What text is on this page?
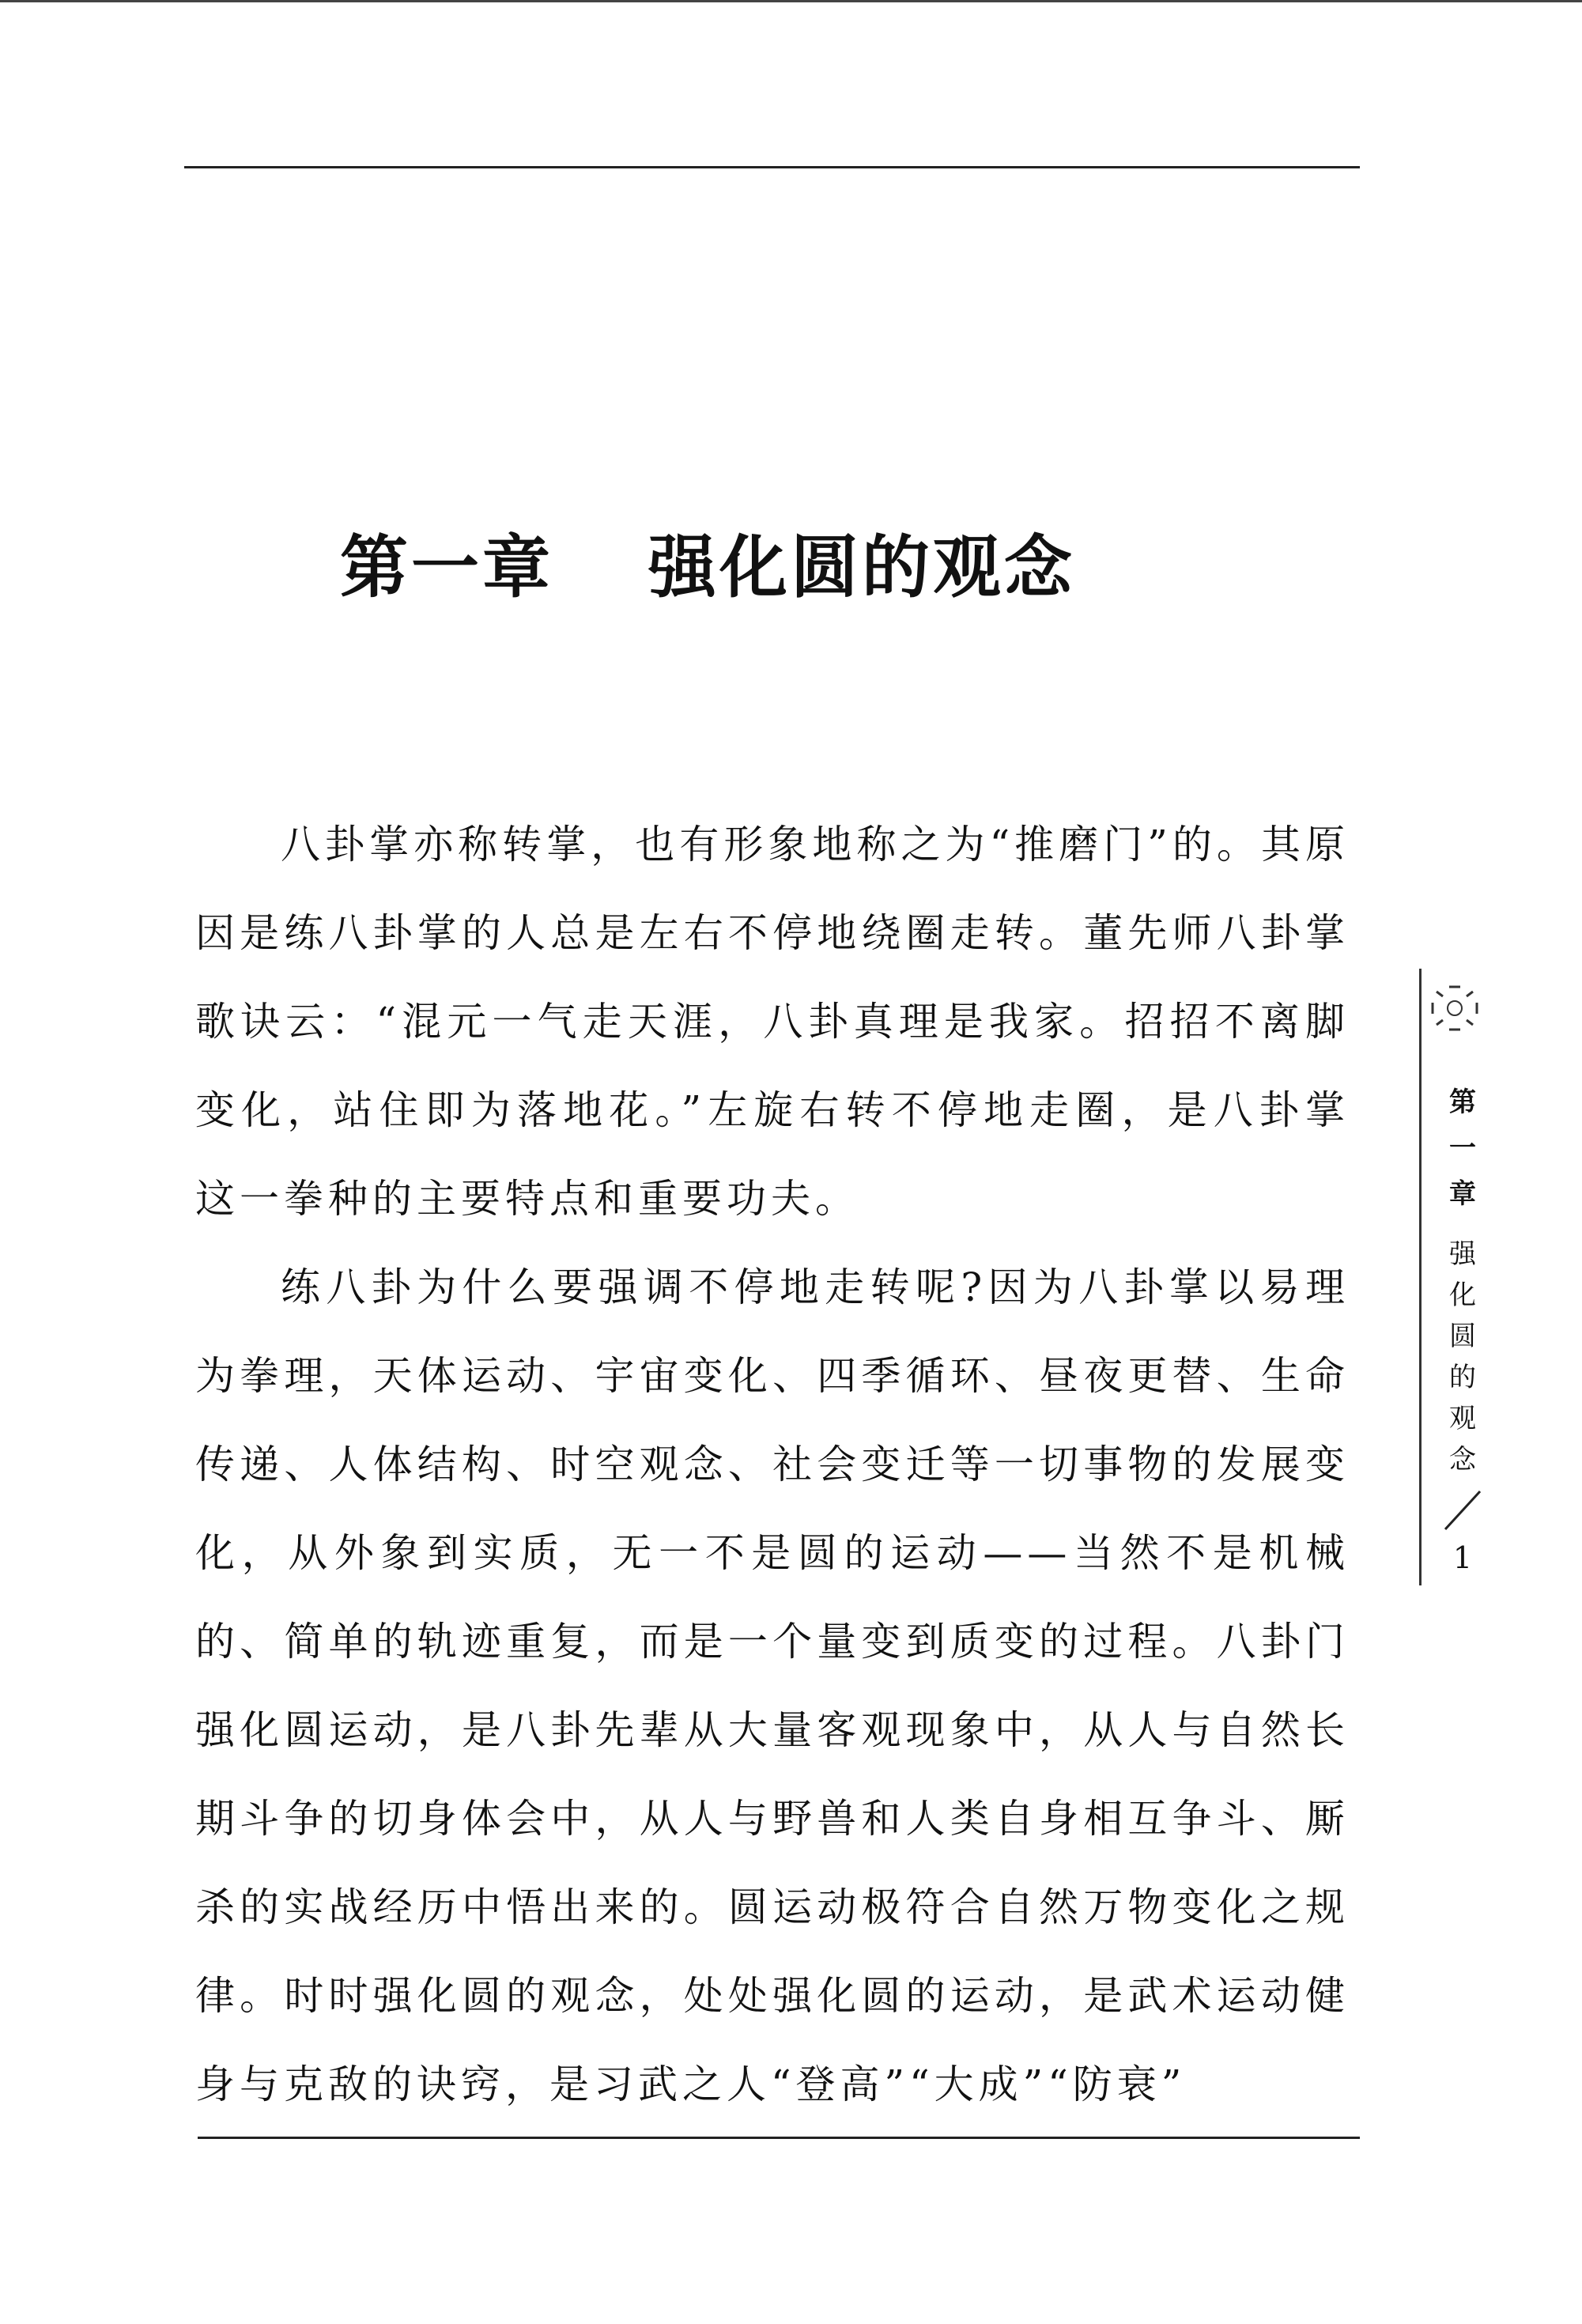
第一章 强化圆的观念

八卦掌亦称转掌，也有形象地称之为“推磨门”的。其原因是练八卦掌的人总是左右不停地绕圈走转。董先师八卦掌歌诀云：“混元一气走天涯，八卦真理是我家。招招不离脚变化，站住即为落地花。”左旋右转不停地走圈，是八卦掌这一拳种的主要特点和重要功夫。

练八卦为什么要强调不停地走转呢?因为八卦掌以易理为拳理，天体运动、宇宙变化、四季循环、昼夜更替、生命传递、人体结构、时空观念、社会变迁等一切事物的发展变化，从外象到实质，无一不是圆的运动——当然不是机械的、简单的轨迹重复，而是一个量变到质变的过程。八卦门强化圆运动，是八卦先辈从大量客观现象中，从人与自然长期斗争的切身体会中，从人与野兽和人类自身相互争斗、厮杀的实战经历中悟出来的。圆运动极符合自然万物变化之规律。时时强化圆的观念，处处强化圆的运动，是武术运动健身与克敌的诀窍，是习武之人“登高”“大成”“防衰”

第一章
强化圆的观念
1
